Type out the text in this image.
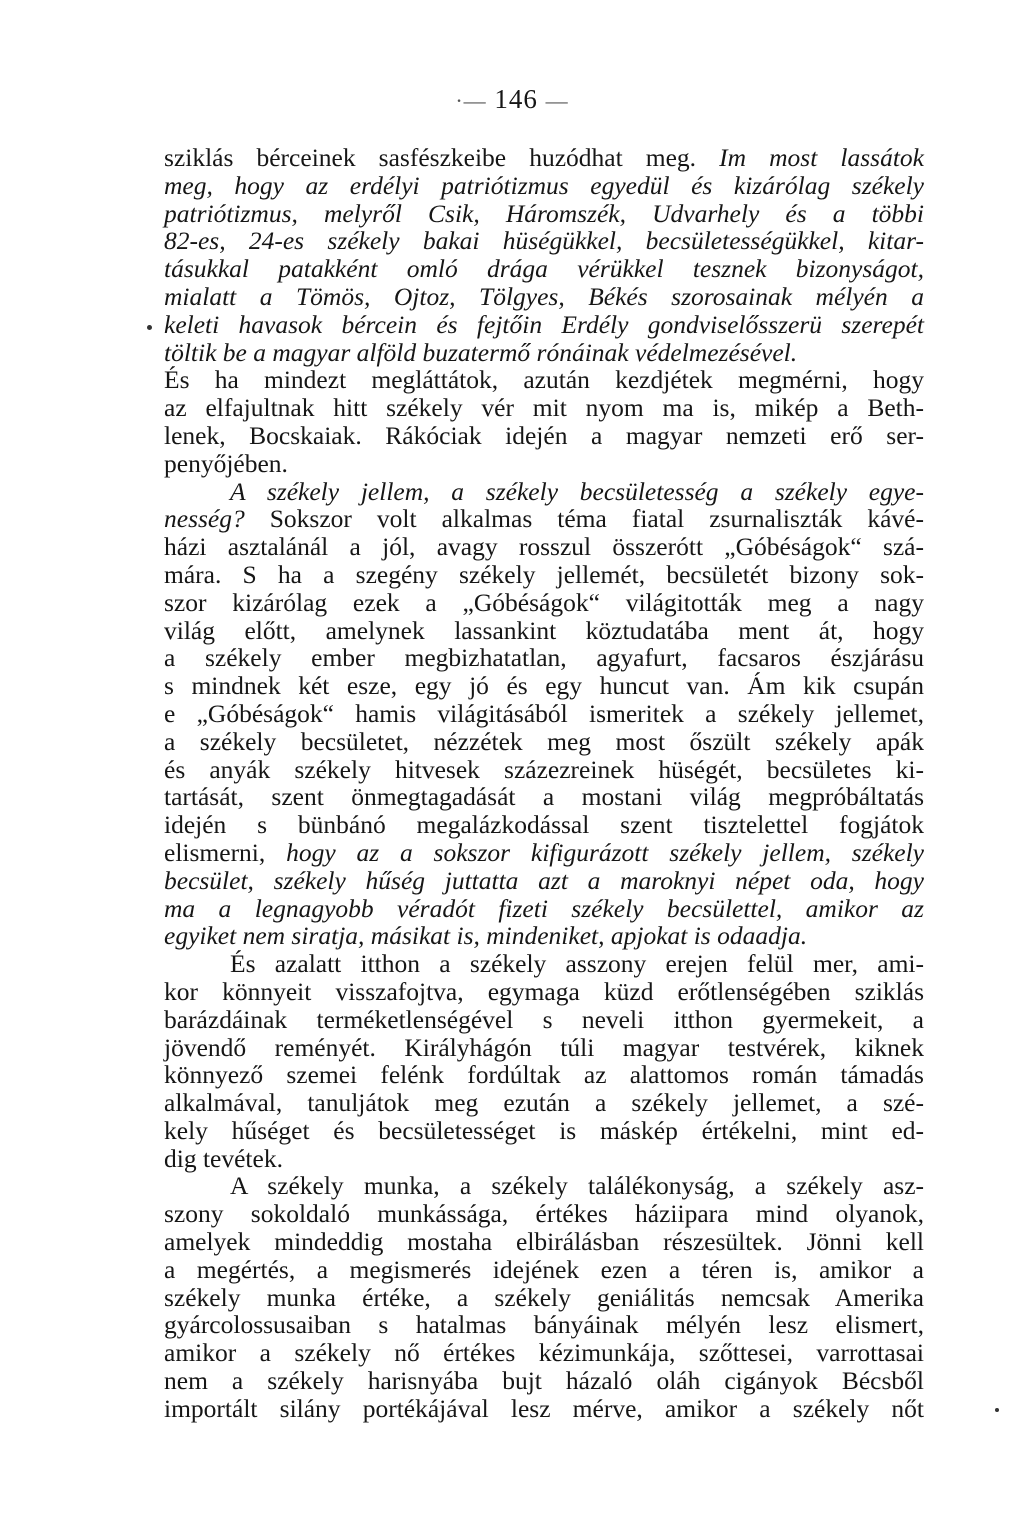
·— 146 —
sziklás bérceinek sasfészkeibe huzódhat meg. Im most lassátok
meg, hogy az erdélyi patriótizmus egyedül és kizárólag székely
patriótizmus, melyről Csik, Háromszék, Udvarhely és a többi
82-es, 24-es székely bakai hüségükkel, becsületességükkel, kitar-
tásukkal patakként omló drága vérükkel tesznek bizonyságot,
mialatt a Tömös, Ojtoz, Tölgyes, Békés szorosainak mélyén a
keleti havasok bércein és fejtőin Erdély gondviselősszerü szerepét
töltik be a magyar alföld buzatermő rónáinak védelmezésével.
És ha mindezt megláttátok, azután kezdjétek megmérni, hogy
az elfajultnak hitt székely vér mit nyom ma is, mikép a Beth-
lenek, Bocskaiak. Rákóciak idején a magyar nemzeti erő ser-
penyőjében.
A székely jellem, a székely becsületesség a székely egyе-
nesség? Sokszor volt alkalmas téma fiatal zsurnaliszták kávé-
házi asztalánál a jól, avagy rosszul összerótt „Góbéságok“ szá-
mára. S ha a szegény székely jellemét, becsületét bizony sok-
szor kizárólag ezek a „Góbéságok“ világitották meg a nagy
világ előtt, amelynek lassankint köztudatába ment át, hogy
a székely ember megbizhatatlan, agyafurt, facsaros észjárásu
s mindnek két esze, egy jó és egy huncut van. Ám kik csupán
e „Góbéságok“ hamis világitásából ismeritek a székely jellemet,
a székely becsületet, nézzétek meg most őszült székely apák
és anyák székely hitvesek százezreinek hüségét, becsületes ki-
tartását, szent önmegtagadását a mostani világ megpróbáltatás
idején s bünbánó megalázkodással szent tisztelettel fogjátok
elismerni, hogy az a sokszor kifigurázott székely jellem, székely
becsület, székely hűség juttatta azt a maroknyi népet oda, hogy
ma a legnagyobb véradót fizeti székely becsülettel, amikor az
egyiket nem siratja, másikat is, mindeniket, apjokat is odaadja.
És azalatt itthon a székely asszony erejen felül mer, ami-
kor könnyeit visszafojtva, egymaga küzd erőtlenségében sziklás
barázdáinak terméketlenségével s neveli itthon gyermekeit, a
jövendő reményét. Királyhágón túli magyar testvérek, kiknek
könnyező szemei felénk fordúltak az alattomos román támadás
alkalmával, tanuljátok meg ezután a székely jellemet, a szé-
kely hűséget és becsületességet is máskép értékelni, mint ed-
dig tevétek.
A székely munka, a székely találékonyság, a székely asz-
szony sokoldaló munkássága, értékes háziipara mind olyanok,
amelyek mindeddig mostaha elbirálásban részesültek. Jönni kell
a megértés, a megismerés idejének ezen a téren is, amikor a
székely munka értéke, a székely geniálitás nemcsak Amerika
gyárcolossusaiban s hatalmas bányáinak mélyén lesz elismert,
amikor a székely nő értékes kézimunkája, szőttesei, varrottasai
nem a székely harisnyába bujt házaló oláh cigányok Bécsből
importált silány portékájával lesz mérve, amikor a székely nőt
